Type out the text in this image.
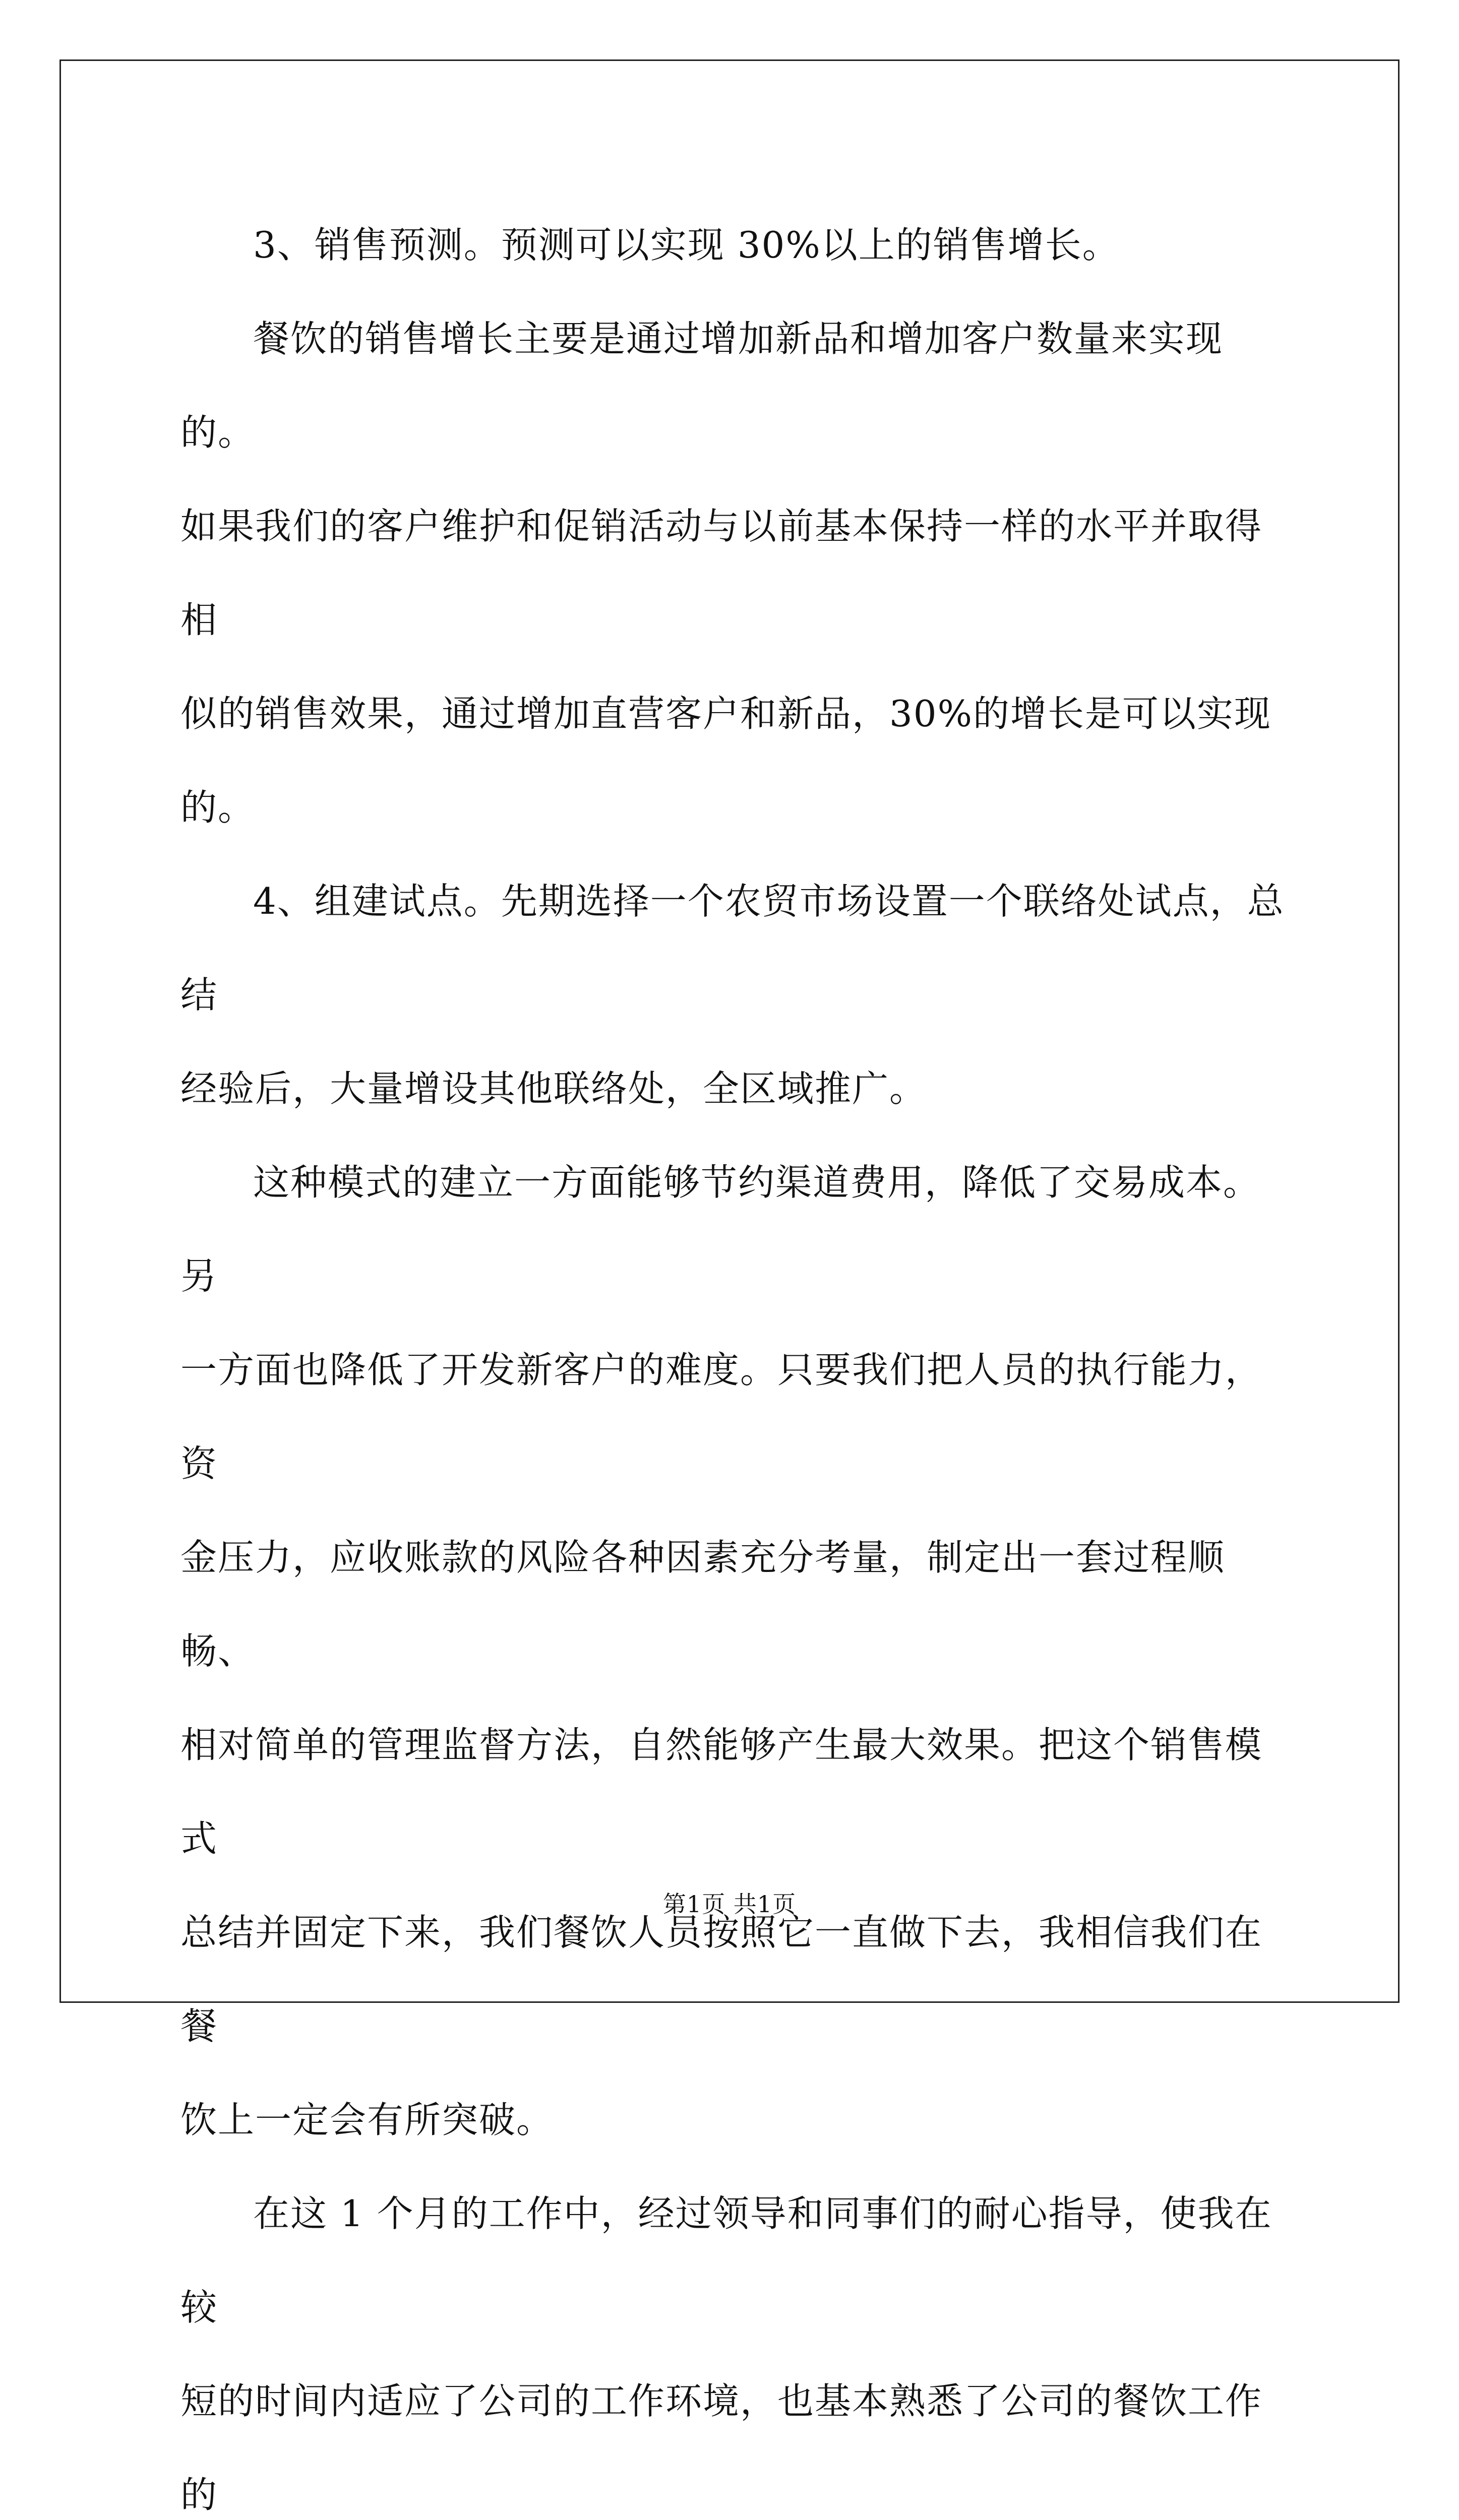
3、销售预测。预测可以实现 30%以上的销售增长。

餐饮的销售增长主要是通过增加新品和增加客户数量来实现的。
如果我们的客户维护和促销活动与以前基本保持一样的水平并取得相
似的销售效果，通过增加直营客户和新品，30%的增长是可以实现的。

4、组建试点。先期选择一个农贸市场设置一个联络处试点，总结
经验后，大量增设其他联络处，全区域推广。

这种模式的建立一方面能够节约渠道费用，降低了交易成本。另
一方面也降低了开发新客户的难度。只要我们把人员的执行能力，资
金压力，应收账款的风险各种因素充分考量，制定出一套过程顺畅、
相对简单的管理监督方法，自然能够产生最大效果。把这个销售模式
总结并固定下来，我们餐饮人员按照它一直做下去，我相信我们在餐
饮上一定会有所突破。

在这 1 个月的工作中，经过领导和同事们的耐心指导，使我在较
短的时间内适应了公司的工作环境，也基本熟悉了公司的餐饮工作的

第1页 共1页
